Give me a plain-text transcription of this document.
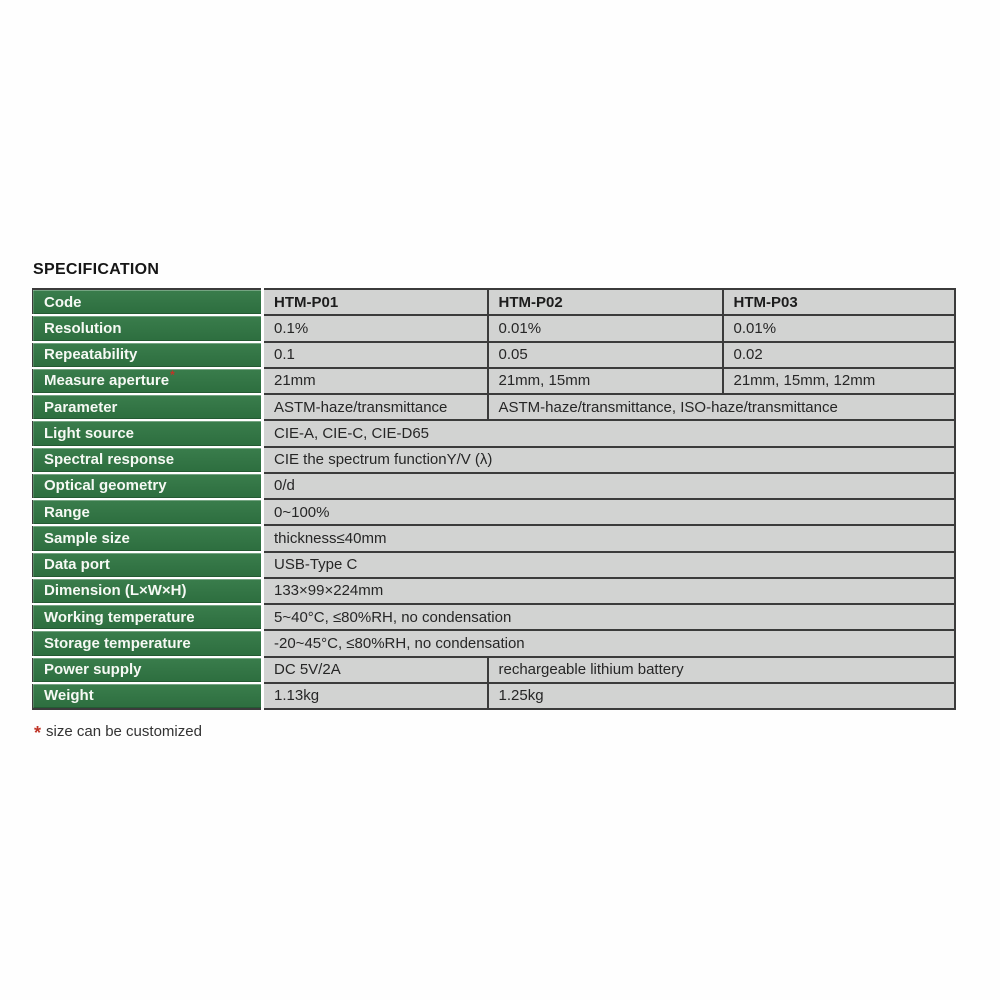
SPECIFICATION
Code	HTM-P01	HTM-P02	HTM-P03
Resolution	0.1%	0.01%	0.01%
Repeatability	0.1	0.05	0.02
Measure aperture*	21mm	21mm, 15mm	21mm, 15mm, 12mm
Parameter	ASTM-haze/transmittance	ASTM-haze/transmittance, ISO-haze/transmittance	
Light source	CIE-A, CIE-C, CIE-D65		
Spectral response	CIE the spectrum functionY/V (λ)		
Optical geometry	0/d		
Range	0~100%		
Sample size	thickness≤40mm		
Data port	USB-Type C		
Dimension (L×W×H)	133×99×224mm		
Working temperature	5~40°C, ≤80%RH, no condensation		
Storage temperature	-20~45°C, ≤80%RH, no condensation		
Power supply	DC 5V/2A	rechargeable lithium battery	
Weight	1.13kg	1.25kg	
* size can be customized
